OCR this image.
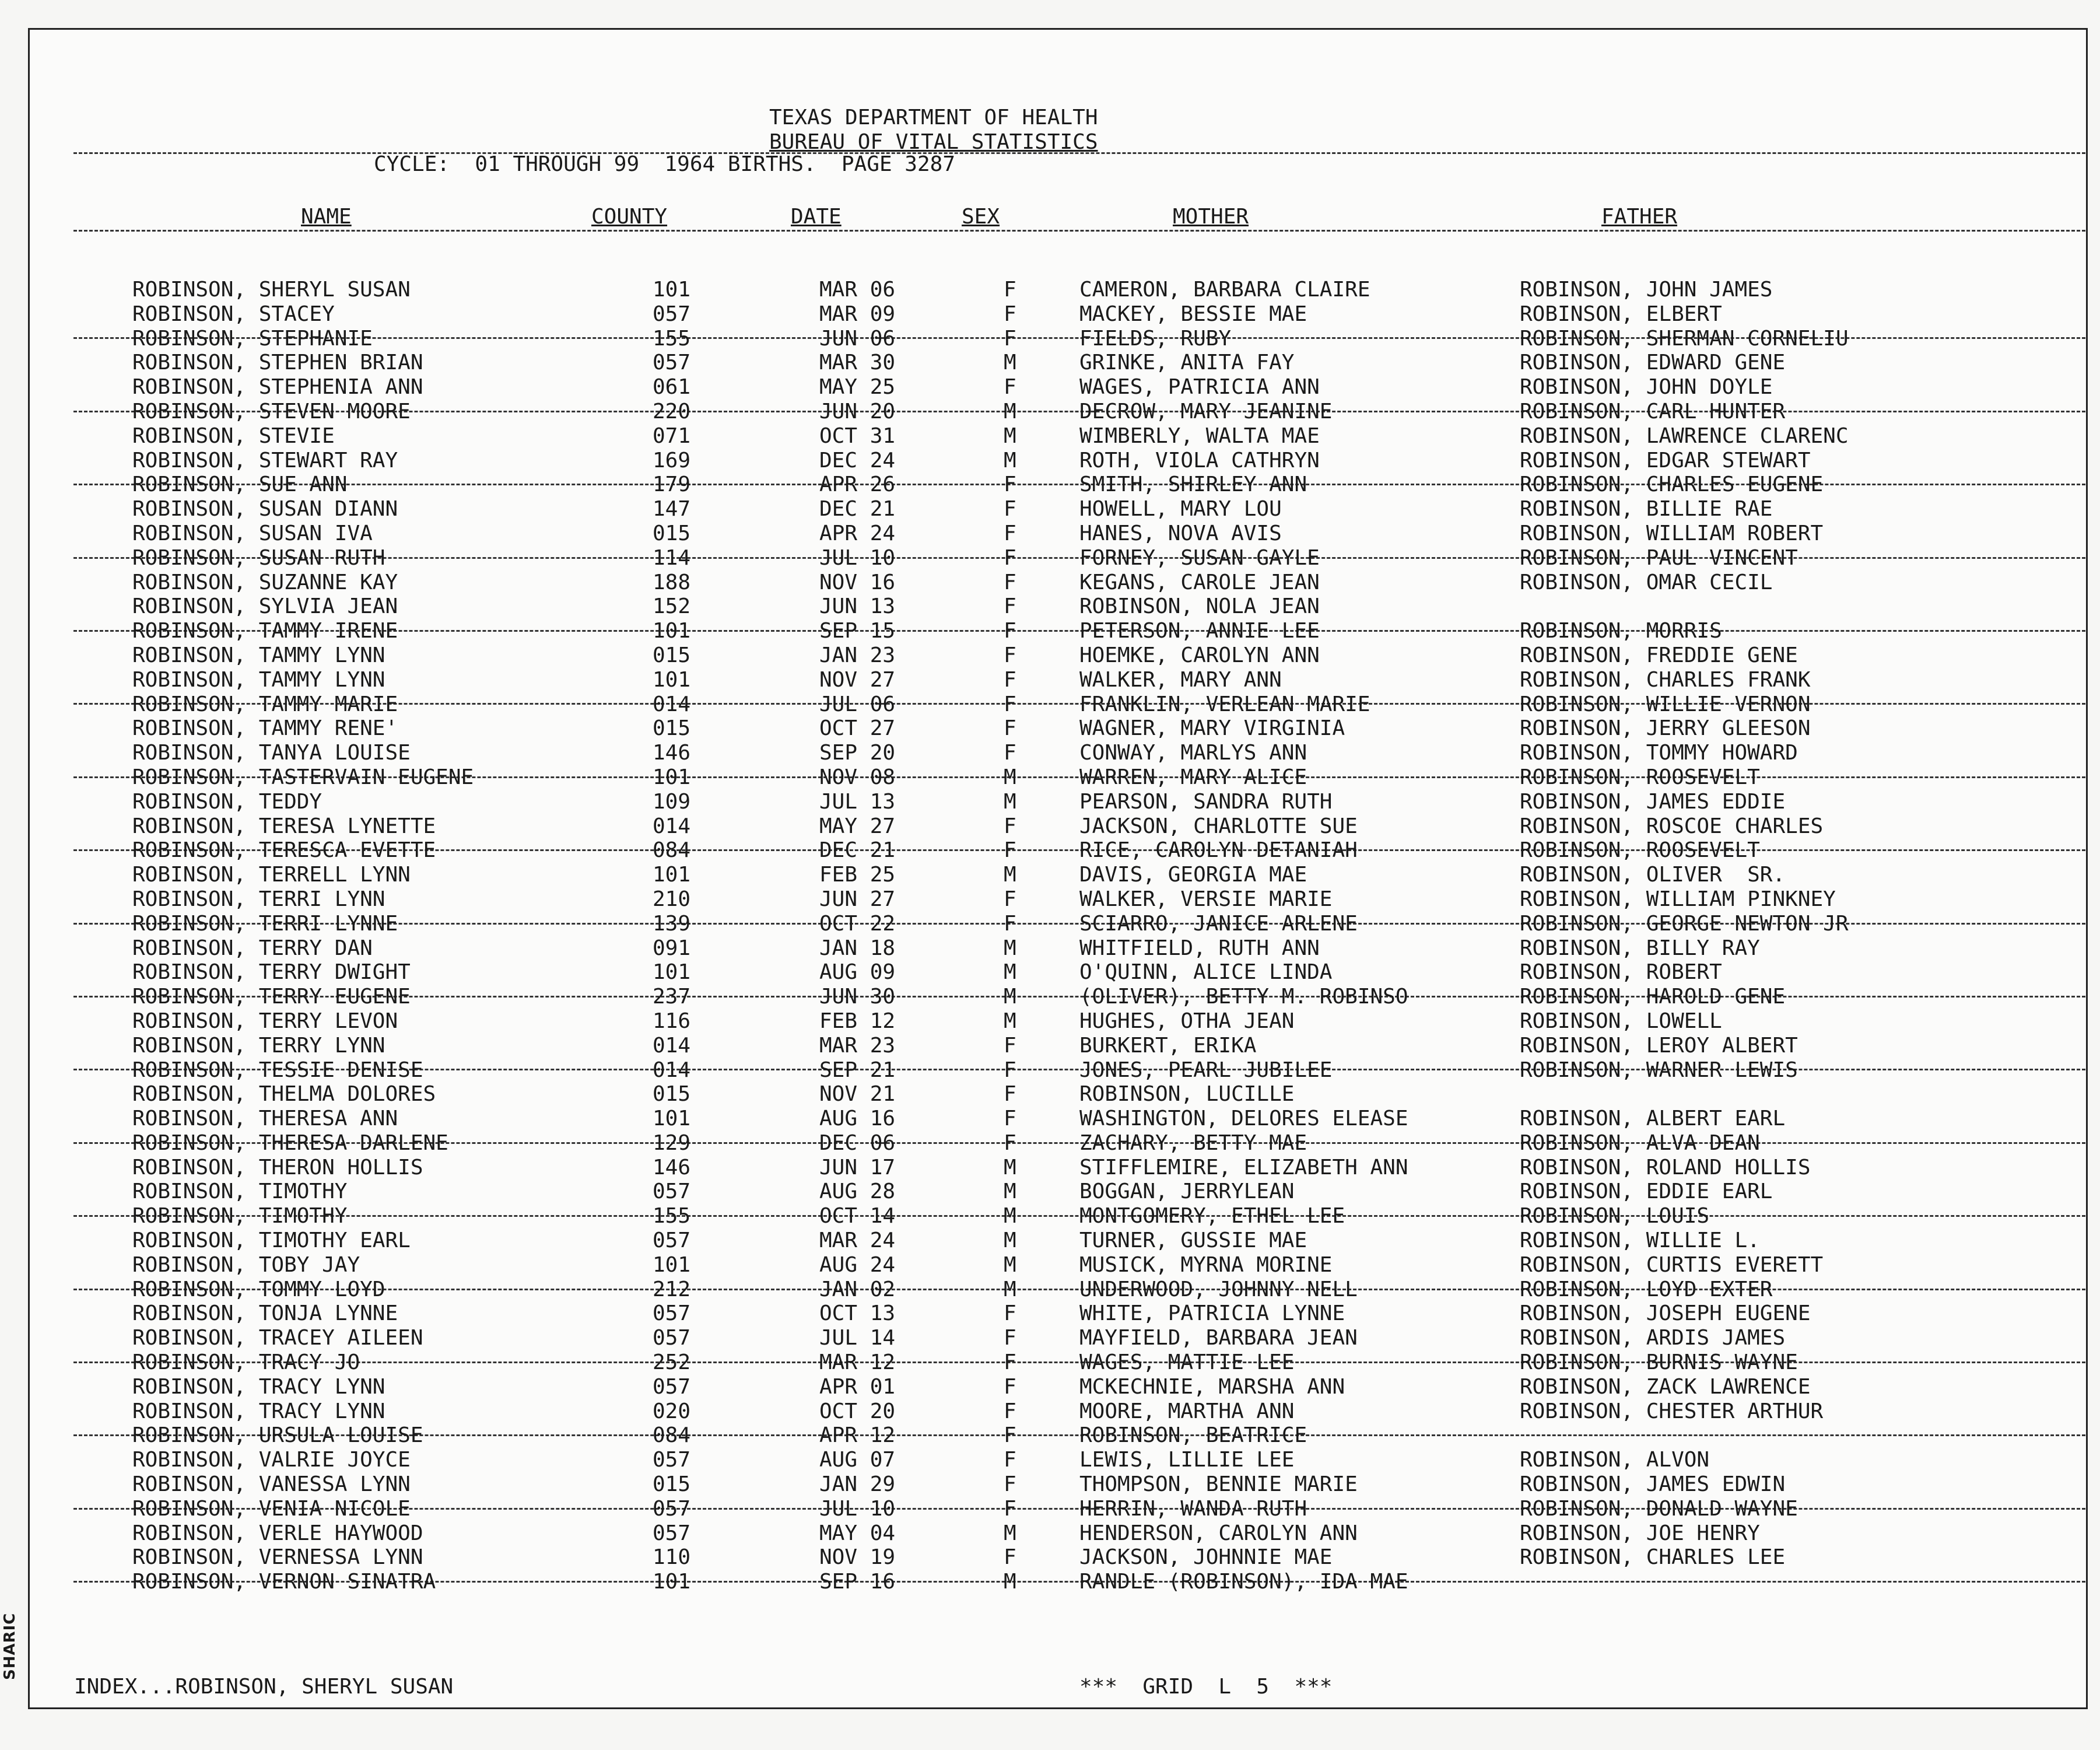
TEXAS DEPARTMENT OF HEALTH
BUREAU OF VITAL STATISTICS
CYCLE:  01 THROUGH 99  1964 BIRTHS.  PAGE 3287
NAME	COUNTY	DATE	SEX	MOTHER	FATHER
ROBINSON, SHERYL SUSAN	101	MAR 06	F	CAMERON, BARBARA CLAIRE	ROBINSON, JOHN JAMES
ROBINSON, STACEY	057	MAR 09	F	MACKEY, BESSIE MAE	ROBINSON, ELBERT
ROBINSON, STEPHANIE	155	JUN 06	F	FIELDS, RUBY	ROBINSON, SHERMAN CORNELIU
ROBINSON, STEPHEN BRIAN	057	MAR 30	M	GRINKE, ANITA FAY	ROBINSON, EDWARD GENE
ROBINSON, STEPHENIA ANN	061	MAY 25	F	WAGES, PATRICIA ANN	ROBINSON, JOHN DOYLE
ROBINSON, STEVEN MOORE	220	JUN 20	M	DECROW, MARY JEANINE	ROBINSON, CARL HUNTER
ROBINSON, STEVIE	071	OCT 31	M	WIMBERLY, WALTA MAE	ROBINSON, LAWRENCE CLARENC
ROBINSON, STEWART RAY	169	DEC 24	M	ROTH, VIOLA CATHRYN	ROBINSON, EDGAR STEWART
ROBINSON, SUE ANN	179	APR 26	F	SMITH, SHIRLEY ANN	ROBINSON, CHARLES EUGENE
ROBINSON, SUSAN DIANN	147	DEC 21	F	HOWELL, MARY LOU	ROBINSON, BILLIE RAE
ROBINSON, SUSAN IVA	015	APR 24	F	HANES, NOVA AVIS	ROBINSON, WILLIAM ROBERT
ROBINSON, SUSAN RUTH	114	JUL 10	F	FORNEY, SUSAN GAYLE	ROBINSON, PAUL VINCENT
ROBINSON, SUZANNE KAY	188	NOV 16	F	KEGANS, CAROLE JEAN	ROBINSON, OMAR CECIL
ROBINSON, SYLVIA JEAN	152	JUN 13	F	ROBINSON, NOLA JEAN
ROBINSON, TAMMY IRENE	101	SEP 15	F	PETERSON, ANNIE LEE	ROBINSON, MORRIS
ROBINSON, TAMMY LYNN	015	JAN 23	F	HOEMKE, CAROLYN ANN	ROBINSON, FREDDIE GENE
ROBINSON, TAMMY LYNN	101	NOV 27	F	WALKER, MARY ANN	ROBINSON, CHARLES FRANK
ROBINSON, TAMMY MARIE	014	JUL 06	F	FRANKLIN, VERLEAN MARIE	ROBINSON, WILLIE VERNON
ROBINSON, TAMMY RENE'	015	OCT 27	F	WAGNER, MARY VIRGINIA	ROBINSON, JERRY GLEESON
ROBINSON, TANYA LOUISE	146	SEP 20	F	CONWAY, MARLYS ANN	ROBINSON, TOMMY HOWARD
ROBINSON, TASTERVAIN EUGENE	101	NOV 08	M	WARREN, MARY ALICE	ROBINSON, ROOSEVELT
ROBINSON, TEDDY	109	JUL 13	M	PEARSON, SANDRA RUTH	ROBINSON, JAMES EDDIE
ROBINSON, TERESA LYNETTE	014	MAY 27	F	JACKSON, CHARLOTTE SUE	ROBINSON, ROSCOE CHARLES
ROBINSON, TERESCA EVETTE	084	DEC 21	F	RICE, CAROLYN DETANIAH	ROBINSON, ROOSEVELT
ROBINSON, TERRELL LYNN	101	FEB 25	M	DAVIS, GEORGIA MAE	ROBINSON, OLIVER  SR.
ROBINSON, TERRI LYNN	210	JUN 27	F	WALKER, VERSIE MARIE	ROBINSON, WILLIAM PINKNEY
ROBINSON, TERRI LYNNE	139	OCT 22	F	SCIARRO, JANICE ARLENE	ROBINSON, GEORGE NEWTON JR
ROBINSON, TERRY DAN	091	JAN 18	M	WHITFIELD, RUTH ANN	ROBINSON, BILLY RAY
ROBINSON, TERRY DWIGHT	101	AUG 09	M	O'QUINN, ALICE LINDA	ROBINSON, ROBERT
ROBINSON, TERRY EUGENE	237	JUN 30	M	(OLIVER), BETTY M. ROBINSO	ROBINSON, HAROLD GENE
ROBINSON, TERRY LEVON	116	FEB 12	M	HUGHES, OTHA JEAN	ROBINSON, LOWELL
ROBINSON, TERRY LYNN	014	MAR 23	F	BURKERT, ERIKA	ROBINSON, LEROY ALBERT
ROBINSON, TESSIE DENISE	014	SEP 21	F	JONES, PEARL JUBILEE	ROBINSON, WARNER LEWIS
ROBINSON, THELMA DOLORES	015	NOV 21	F	ROBINSON, LUCILLE
ROBINSON, THERESA ANN	101	AUG 16	F	WASHINGTON, DELORES ELEASE	ROBINSON, ALBERT EARL
ROBINSON, THERESA DARLENE	129	DEC 06	F	ZACHARY, BETTY MAE	ROBINSON, ALVA DEAN
ROBINSON, THERON HOLLIS	146	JUN 17	M	STIFFLEMIRE, ELIZABETH ANN	ROBINSON, ROLAND HOLLIS
ROBINSON, TIMOTHY	057	AUG 28	M	BOGGAN, JERRYLEAN	ROBINSON, EDDIE EARL
ROBINSON, TIMOTHY	155	OCT 14	M	MONTGOMERY, ETHEL LEE	ROBINSON, LOUIS
ROBINSON, TIMOTHY EARL	057	MAR 24	M	TURNER, GUSSIE MAE	ROBINSON, WILLIE L.
ROBINSON, TOBY JAY	101	AUG 24	M	MUSICK, MYRNA MORINE	ROBINSON, CURTIS EVERETT
ROBINSON, TOMMY LOYD	212	JAN 02	M	UNDERWOOD, JOHNNY NELL	ROBINSON, LOYD EXTER
ROBINSON, TONJA LYNNE	057	OCT 13	F	WHITE, PATRICIA LYNNE	ROBINSON, JOSEPH EUGENE
ROBINSON, TRACEY AILEEN	057	JUL 14	F	MAYFIELD, BARBARA JEAN	ROBINSON, ARDIS JAMES
ROBINSON, TRACY JO	252	MAR 12	F	WAGES, MATTIE LEE	ROBINSON, BURNIS WAYNE
ROBINSON, TRACY LYNN	057	APR 01	F	MCKECHNIE, MARSHA ANN	ROBINSON, ZACK LAWRENCE
ROBINSON, TRACY LYNN	020	OCT 20	F	MOORE, MARTHA ANN	ROBINSON, CHESTER ARTHUR
ROBINSON, URSULA LOUISE	084	APR 12	F	ROBINSON, BEATRICE
ROBINSON, VALRIE JOYCE	057	AUG 07	F	LEWIS, LILLIE LEE	ROBINSON, ALVON
ROBINSON, VANESSA LYNN	015	JAN 29	F	THOMPSON, BENNIE MARIE	ROBINSON, JAMES EDWIN
ROBINSON, VENIA NICOLE	057	JUL 10	F	HERRIN, WANDA RUTH	ROBINSON, DONALD WAYNE
ROBINSON, VERLE HAYWOOD	057	MAY 04	M	HENDERSON, CAROLYN ANN	ROBINSON, JOE HENRY
ROBINSON, VERNESSA LYNN	110	NOV 19	F	JACKSON, JOHNNIE MAE	ROBINSON, CHARLES LEE
ROBINSON, VERNON SINATRA	101	SEP 16	M	RANDLE (ROBINSON), IDA MAE
INDEX...ROBINSON, SHERYL SUSAN	***  GRID  L  5  ***
SHARIC
